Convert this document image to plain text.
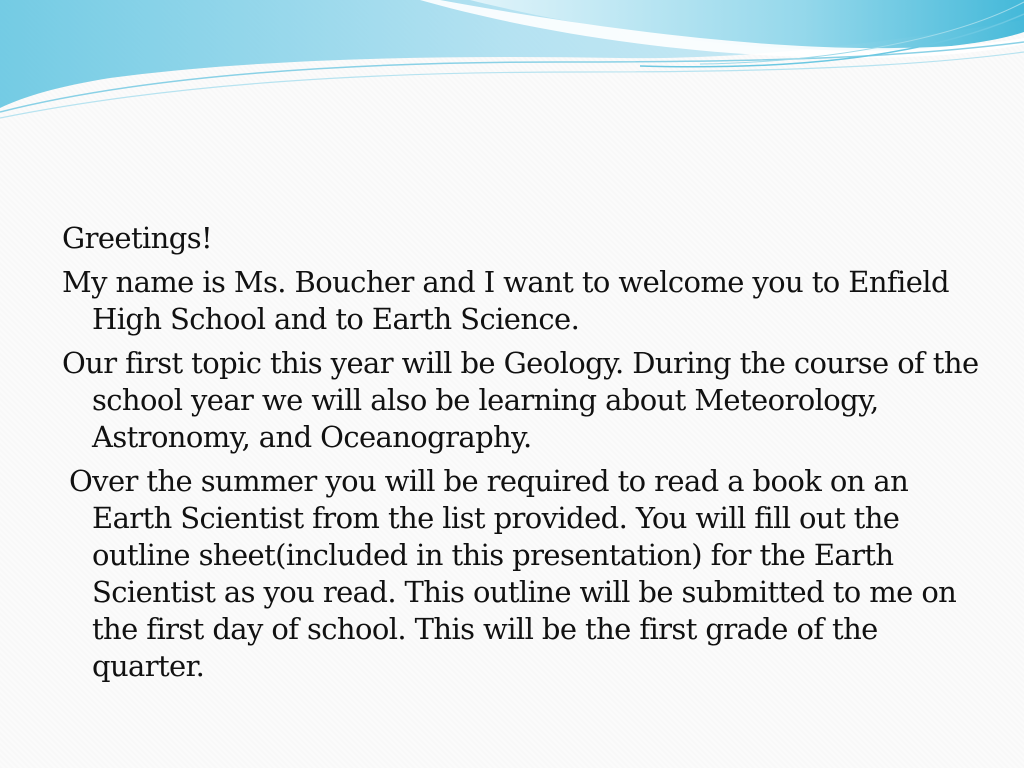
Greetings!

My name is Ms. Boucher and I want to welcome you to Enfield High School and to Earth Science.

Our first topic this year will be Geology. During the course of the school year we will also be learning about Meteorology, Astronomy, and Oceanography.

Over the summer you will be required to read a book on an Earth Scientist from the list provided. You will fill out the outline sheet(included in this presentation) for the Earth Scientist as you read. This outline will be submitted to me on the first day of school. This will be the first grade of the quarter.
